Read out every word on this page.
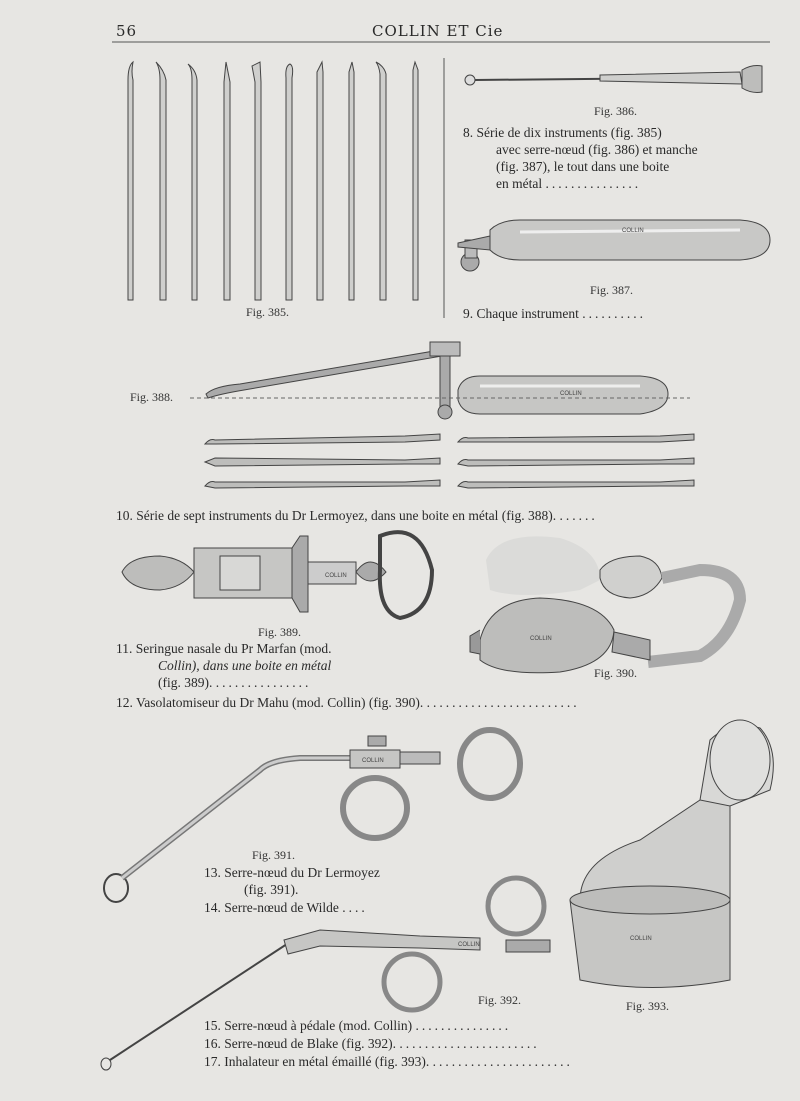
56	COLLIN ET Cie
COLLIN
COLLIN
COLLIN
COLLIN
COLLIN
COLLIN
COLLIN
Fig. 385.
Fig. 386.
Fig. 387.
Fig. 388.
Fig. 389.
Fig. 390.
Fig. 391.
Fig. 392.	Fig. 393.
8. Série de dix instruments (fig. 385)
avec serre-nœud (fig. 386) et manche
(fig. 387), le tout dans une boite
en métal ...............
9. Chaque instrument ..........
10. Série de sept instruments du Dr Lermoyez, dans une boite en métal (fig. 388). ......
11. Seringue nasale du Pr Marfan (mod.
Collin), dans une boite en métal
(fig. 389). ...............
12. Vasolatomiseur du Dr Mahu (mod. Collin) (fig. 390). ........................
13. Serre-nœud du Dr Lermoyez
(fig. 391).
14. Serre-nœud de Wilde ....
15. Serre-nœud à pédale (mod. Collin) ...............
16. Serre-nœud de Blake (fig. 392). ......................
17. Inhalateur en métal émaillé (fig. 393). ......................
